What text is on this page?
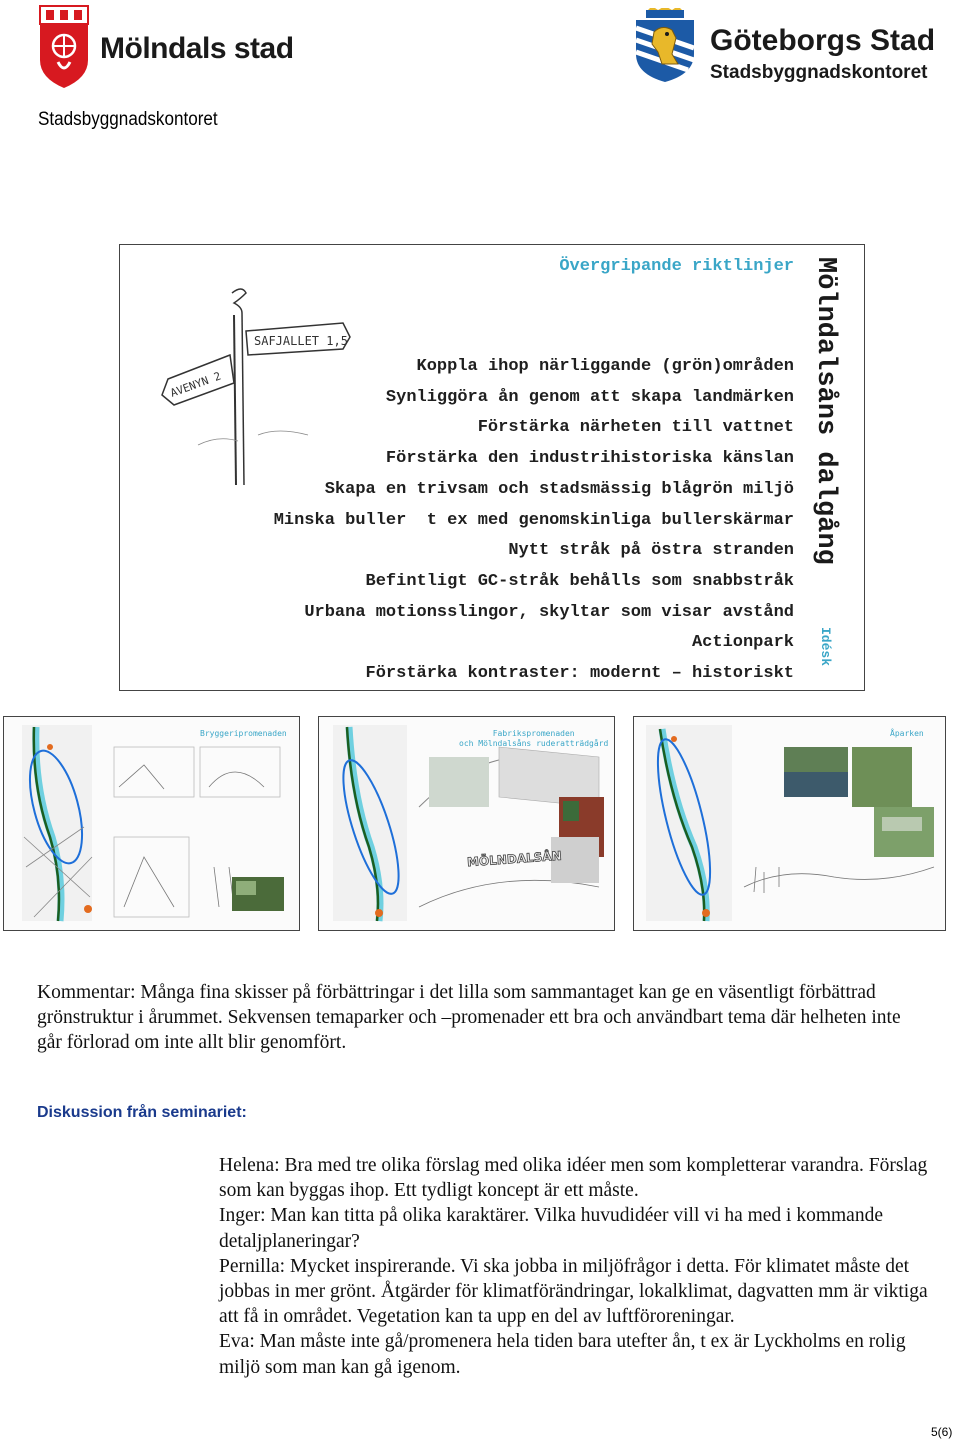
Mölndals stad
Stadsbyggnadskontoret
Göteborgs Stad
Stadsbyggnadskontoret
SAFJALLET 1,5
AVENYN 2
Övergripande riktlinjer
Koppla ihop närliggande (grön)områden
Synliggöra ån genom att skapa landmärken
Förstärka närheten till vattnet
Förstärka den industrihistoriska känslan
Skapa en trivsam och stadsmässig blågrön miljö
Minska buller  t ex med genomskinliga bullerskärmar
Nytt stråk på östra stranden
Befintligt GC-stråk behålls som snabbstråk
Urbana motionsslingor, skyltar som visar avstånd
Actionpark
Förstärka kontraster: modernt – historiskt
Mölndalsåns dalgång
Idésk
Bryggeripromenaden	Fabrikspromenaden
och Mölndalsåns ruderatträdgård
MÖLNDALSÅN
Åparken
Kommentar: Många fina skisser på förbättringar i det lilla som sammantaget kan ge en väsentligt förbättrad grönstruktur i årummet. Sekvensen temaparker och –promenader ett bra och användbart tema där helheten inte går förlorad om inte allt blir genomfört.
Diskussion från seminariet:

Helena: Bra med tre olika förslag med olika idéer men som kompletterar varandra. Förslag som kan byggas ihop. Ett tydligt koncept är ett måste.

Inger: Man kan titta på olika karaktärer. Vilka huvudidéer vill vi ha med i kommande detaljplaneringar?

Pernilla: Mycket inspirerande. Vi ska jobba in miljöfrågor i detta. För klimatet måste det jobbas in mer grönt. Åtgärder för klimatförändringar, lokalklimat, dagvatten mm är viktiga att få in området. Vegetation kan ta upp en del av luftföroreningar.

Eva: Man måste inte gå/promenera hela tiden bara utefter ån, t ex är Lyckholms en rolig miljö som man kan gå igenom.

5(6)
